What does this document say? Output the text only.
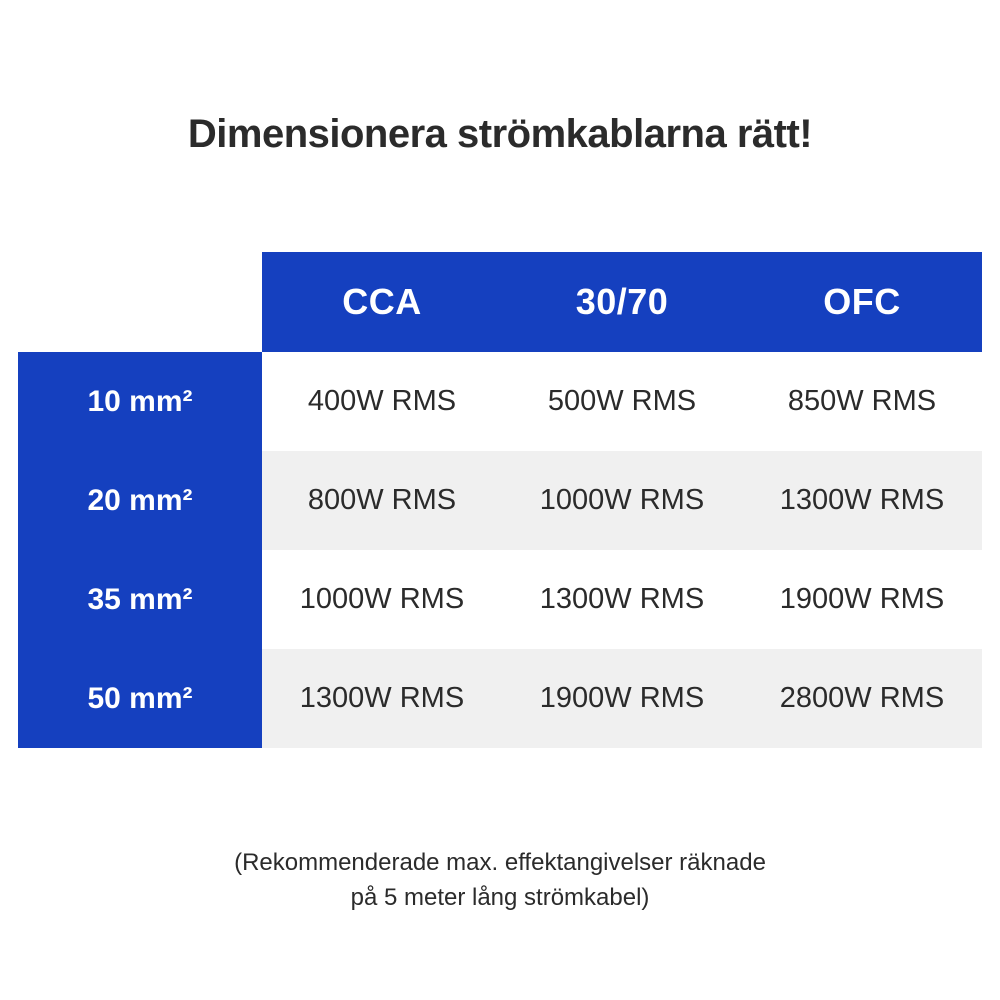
Dimensionera strömkablarna rätt!
	CCA	30/70	OFC
10 mm²	400W RMS	500W RMS	850W RMS
20 mm²	800W RMS	1000W RMS	1300W RMS
35 mm²	1000W RMS	1300W RMS	1900W RMS
50 mm²	1300W RMS	1900W RMS	2800W RMS
(Rekommenderade max. effektangivelser räknade
på 5 meter lång strömkabel)
